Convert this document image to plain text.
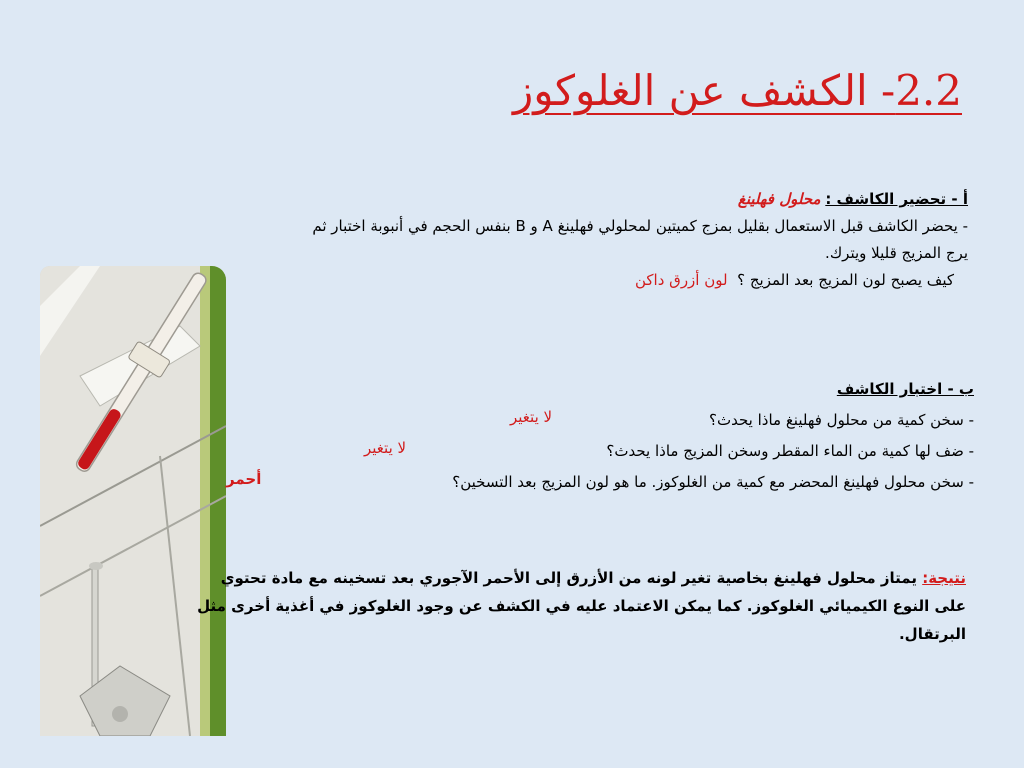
2.2- الكشف عن الغلوكوز

أ - تحضير الكاشف : محلول فهلينغ

- يحضر الكاشف قبل الاستعمال بقليل بمزج كميتين لمحلولي فهلينغ A و B بنفس الحجم في أنبوبة اختبار ثم

يرج المزيج قليلا ويترك.

كيف يصبح لون المزيج بعد المزيج ؟  لون أزرق داكن

ب - اختبار الكاشف

- سخن كمية من محلول فهلينغ ماذا يحدث؟

- ضف لها كمية من الماء المقطر وسخن المزيج ماذا يحدث؟

- سخن محلول فهلينغ المحضر مع كمية من الغلوكوز. ما هو لون المزيج بعد التسخين؟

لا يتغير
لا يتغير
أحمر

نتيجة: يمتاز محلول فهلينغ بخاصية تغير لونه من الأزرق إلى الأحمر الآجوري بعد تسخينه مع مادة تحتوي على النوع الكيميائي الغلوكوز. كما يمكن الاعتماد عليه في الكشف عن وجود الغلوكوز في أغذية أخرى مثل البرتقال.
